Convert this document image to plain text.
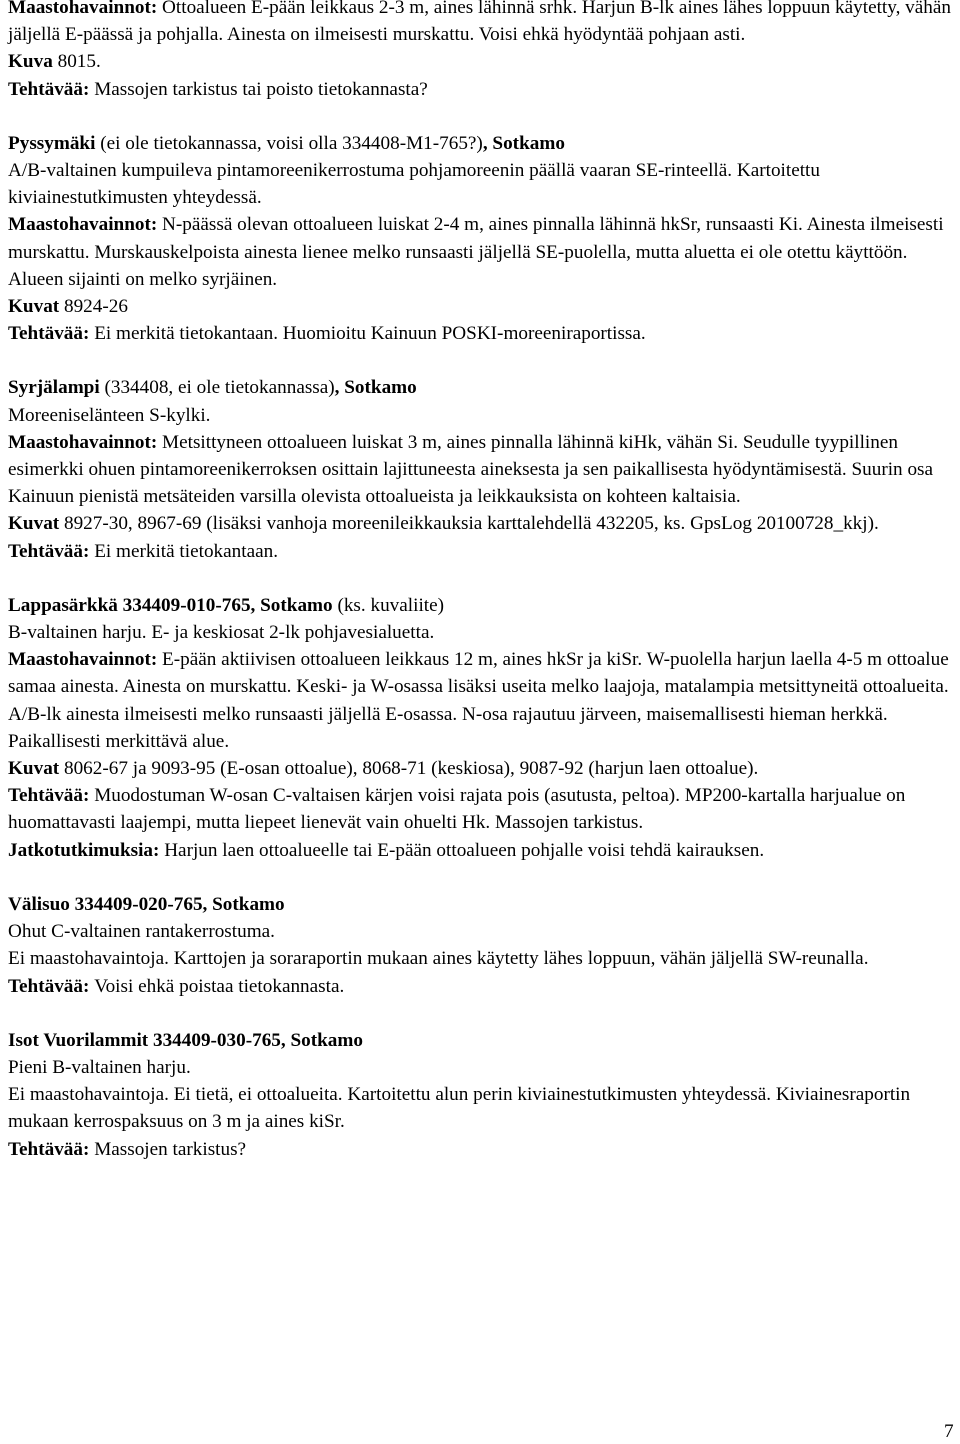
Maastohavainnot: Ottoalueen E-pään leikkaus 2-3 m, aines lähinnä srhk. Harjun B-lk aines lähes loppuun käytetty, vähän jäljellä E-päässä ja pohjalla. Ainesta on ilmeisesti murskattu. Voisi ehkä hyödyntää pohjaan asti.

Kuva 8015.

Tehtävää: Massojen tarkistus tai poisto tietokannasta?

Pyssymäki (ei ole tietokannassa, voisi olla 334408-M1-765?), Sotkamo

A/B-valtainen kumpuileva pintamoreenikerrostuma pohjamoreenin päällä vaaran SE-rinteellä. Kartoitettu kiviainestutkimusten yhteydessä.

Maastohavainnot: N-päässä olevan ottoalueen luiskat 2-4 m, aines pinnalla lähinnä hkSr, runsaasti Ki. Ainesta ilmeisesti murskattu. Murskauskelpoista ainesta lienee melko runsaasti jäljellä SE-puolella, mutta aluetta ei ole otettu käyttöön. Alueen sijainti on melko syrjäinen.

Kuvat 8924-26

Tehtävää: Ei merkitä tietokantaan. Huomioitu Kainuun POSKI-moreeniraportissa.

Syrjälampi (334408, ei ole tietokannassa), Sotkamo

Moreeniselänteen S-kylki.

Maastohavainnot: Metsittyneen ottoalueen luiskat 3 m, aines pinnalla lähinnä kiHk, vähän Si. Seudulle tyypillinen esimerkki ohuen pintamoreenikerroksen osittain lajittuneesta aineksesta ja sen paikallisesta hyödyntämisestä. Suurin osa Kainuun pienistä metsäteiden varsilla olevista ottoalueista ja leikkauksista on kohteen kaltaisia.

Kuvat 8927-30, 8967-69 (lisäksi vanhoja moreenileikkauksia karttalehdellä 432205, ks. GpsLog 20100728_kkj).

Tehtävää: Ei merkitä tietokantaan.

Lappasärkkä 334409-010-765, Sotkamo (ks. kuvaliite)

B-valtainen harju. E- ja keskiosat 2-lk pohjavesialuetta.

Maastohavainnot: E-pään aktiivisen ottoalueen leikkaus 12 m, aines hkSr ja kiSr. W-puolella harjun laella 4-5 m ottoalue samaa ainesta. Ainesta on murskattu. Keski- ja W-osassa lisäksi useita melko laajoja, matalampia metsittyneitä ottoalueita. A/B-lk ainesta ilmeisesti melko runsaasti jäljellä E-osassa. N-osa rajautuu järveen, maisemallisesti hieman herkkä. Paikallisesti merkittävä alue.

Kuvat 8062-67 ja 9093-95 (E-osan ottoalue), 8068-71 (keskiosa), 9087-92 (harjun laen ottoalue).

Tehtävää: Muodostuman W-osan C-valtaisen kärjen voisi rajata pois (asutusta, peltoa). MP200-kartalla harjualue on huomattavasti laajempi, mutta liepeet lienevät vain ohuelti Hk. Massojen tarkistus.

Jatkotutkimuksia: Harjun laen ottoalueelle tai E-pään ottoalueen pohjalle voisi tehdä kairauksen.

Välisuo 334409-020-765, Sotkamo

Ohut C-valtainen rantakerrostuma.

Ei maastohavaintoja. Karttojen ja soraraportin mukaan aines käytetty lähes loppuun, vähän jäljellä SW-reunalla.

Tehtävää: Voisi ehkä poistaa tietokannasta.

Isot Vuorilammit 334409-030-765, Sotkamo

Pieni B-valtainen harju.

Ei maastohavaintoja. Ei tietä, ei ottoalueita. Kartoitettu alun perin kiviainestutkimusten yhteydessä. Kiviainesraportin mukaan kerrospaksuus on 3 m ja aines kiSr.

Tehtävää: Massojen tarkistus?

7
